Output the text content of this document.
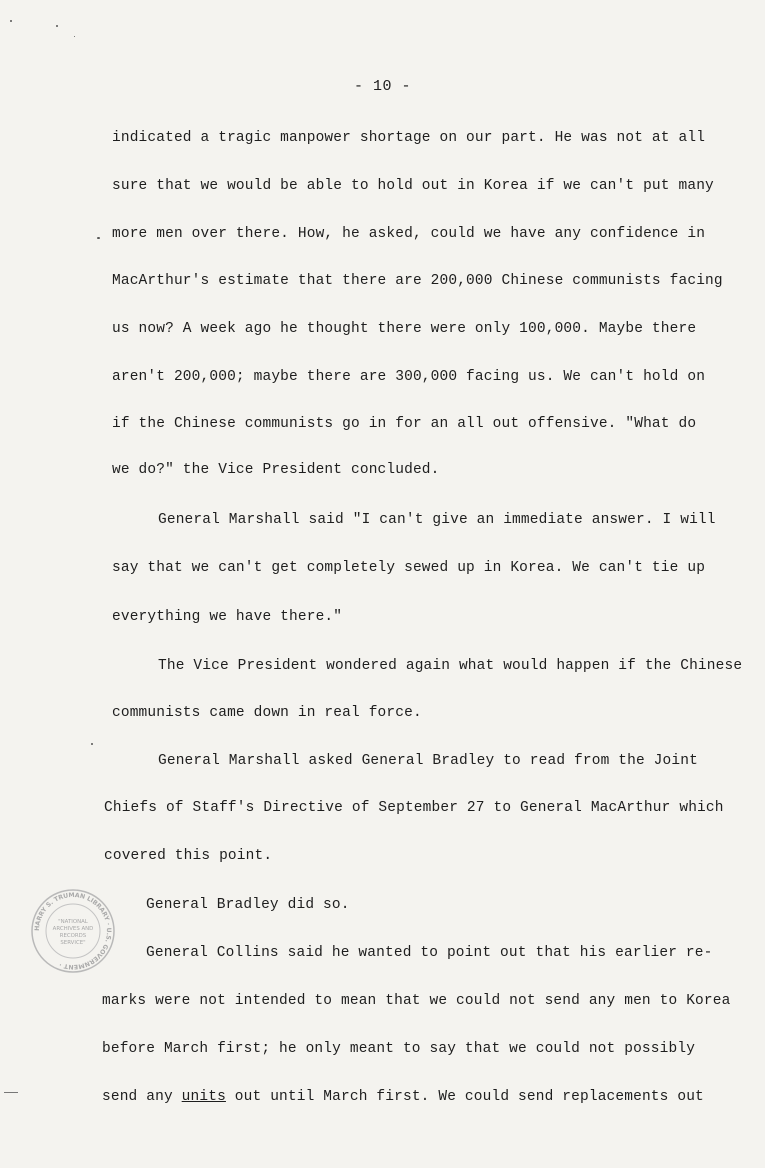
- 10 -
indicated a tragic manpower shortage on our part. He was not at all
sure that we would be able to hold out in Korea if we can't put many
more men over there. How, he asked, could we have any confidence in
MacArthur's estimate that there are 200,000 Chinese communists facing
us now? A week ago he thought there were only 100,000. Maybe there
aren't 200,000; maybe there are 300,000 facing us. We can't hold on
if the Chinese communists go in for an all out offensive. "What do
we do?" the Vice President concluded.
General Marshall said "I can't give an immediate answer. I will
say that we can't get completely sewed up in Korea. We can't tie up
everything we have there."
The Vice President wondered again what would happen if the Chinese
communists came down in real force.
General Marshall asked General Bradley to read from the Joint
Chiefs of Staff's Directive of September 27 to General MacArthur which
covered this point.
General Bradley did so.
General Collins said he wanted to point out that his earlier re-
marks were not intended to mean that we could not send any men to Korea
before March first; he only meant to say that we could not possibly
send any units out until March first. We could send replacements out
HARRY S. TRUMAN LIBRARY · U.S. GOVERNMENT ·
"NATIONAL
ARCHIVES AND
RECORDS
SERVICE"
